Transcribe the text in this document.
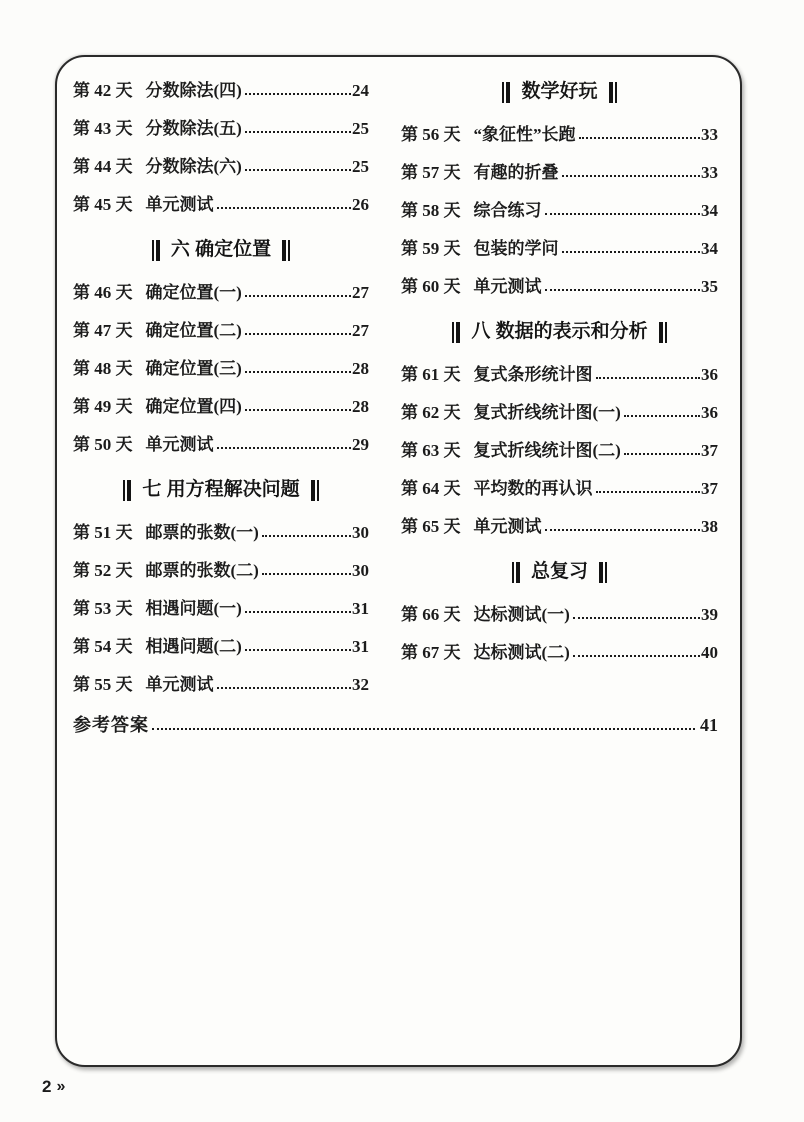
第 42 天 分数除法(四)	24
第 43 天 分数除法(五)	25
第 44 天 分数除法(六)	25
第 45 天 单元测试	26
六 确定位置
第 46 天 确定位置(一)	27
第 47 天 确定位置(二)	27
第 48 天 确定位置(三)	28
第 49 天 确定位置(四)	28
第 50 天 单元测试	29
七 用方程解决问题
第 51 天 邮票的张数(一)	30
第 52 天 邮票的张数(二)	30
第 53 天 相遇问题(一)	31
第 54 天 相遇问题(二)	31
第 55 天 单元测试	32
数学好玩
第 56 天 “象征性”长跑	33
第 57 天 有趣的折叠	33
第 58 天 综合练习	34
第 59 天 包装的学问	34
第 60 天 单元测试	35
八 数据的表示和分析
第 61 天 复式条形统计图	36
第 62 天 复式折线统计图(一)	36
第 63 天 复式折线统计图(二)	37
第 64 天 平均数的再认识	37
第 65 天 单元测试	38
总复习
第 66 天 达标测试(一)	39
第 67 天 达标测试(二)	40
参考答案	41
2 »
